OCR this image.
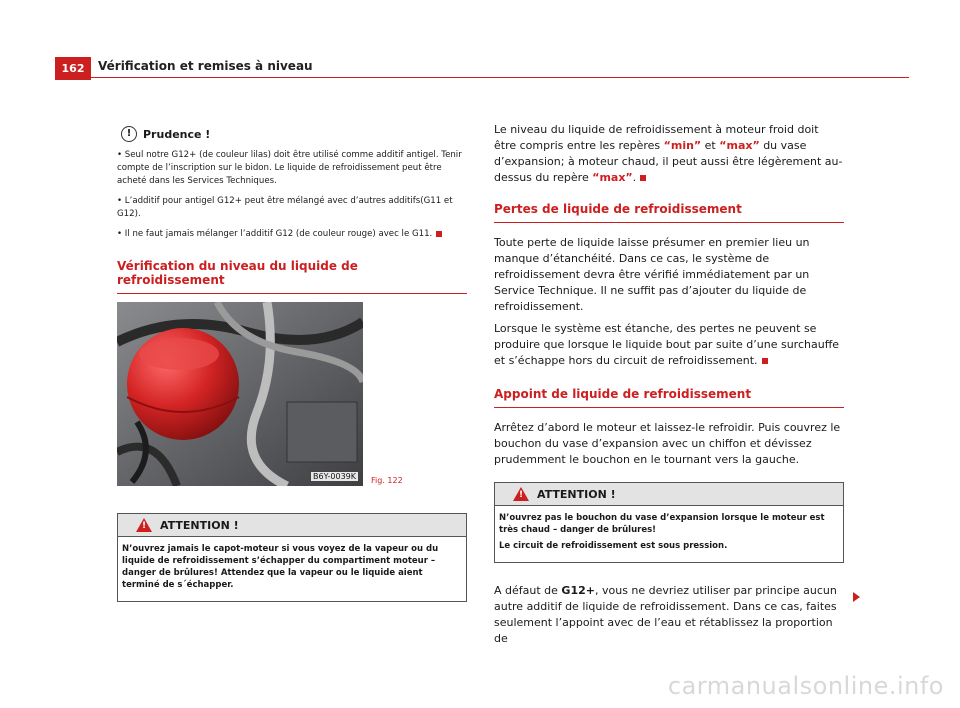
162	Vérification et remises à niveau
!	Prudence !

• Seul notre G12+ (de couleur lilas) doit être utilisé comme additif antigel. Tenir compte de l’inscription sur le bidon. Le liquide de refroidissement peut être acheté dans les Services Techniques.

• L’additif pour antigel G12+ peut être mélangé avec d’autres additifs(G11 et G12).

• Il ne faut jamais mélanger l’additif G12 (de couleur rouge) avec le G11.

Vérification du niveau du liquide de refroidissement
B6Y-0039K	Fig. 122
! ATTENTION !

N’ouvrez jamais le capot-moteur si vous voyez de la vapeur ou du liquide de refroidissement s’échapper du compartiment moteur – danger de brûlures! Attendez que la vapeur ou le liquide aient terminé de s´échapper.

Le niveau du liquide de refroidissement à moteur froid doit être compris entre les repères “min” et “max” du vase d’expansion; à moteur chaud, il peut aussi être légèrement au-dessus du repère “max”.

Pertes de liquide de refroidissement

Toute perte de liquide laisse présumer en premier lieu un manque d’étanchéité. Dans ce cas, le système de refroidissement devra être vérifié immédiatement par un Service Technique. Il ne suffit pas d’ajouter du liquide de refroidissement.

Lorsque le système est étanche, des pertes ne peuvent se produire que lorsque le liquide bout par suite d’une surchauffe et s’échappe hors du circuit de refroidissement.

Appoint de liquide de refroidissement

Arrêtez d’abord le moteur et laissez-le refroidir. Puis couvrez le bouchon du vase d’expansion avec un chiffon et dévissez prudemment le bouchon en le tournant vers la gauche.

! ATTENTION !

N’ouvrez pas le bouchon du vase d’expansion lorsque le moteur est très chaud – danger de brûlures!

Le circuit de refroidissement est sous pression.

A défaut de G12+, vous ne devriez utiliser par principe aucun autre additif de liquide de refroidissement. Dans ce cas, faites seulement l’appoint avec de l’eau et rétablissez la proportion de

carmanualsonline.info
